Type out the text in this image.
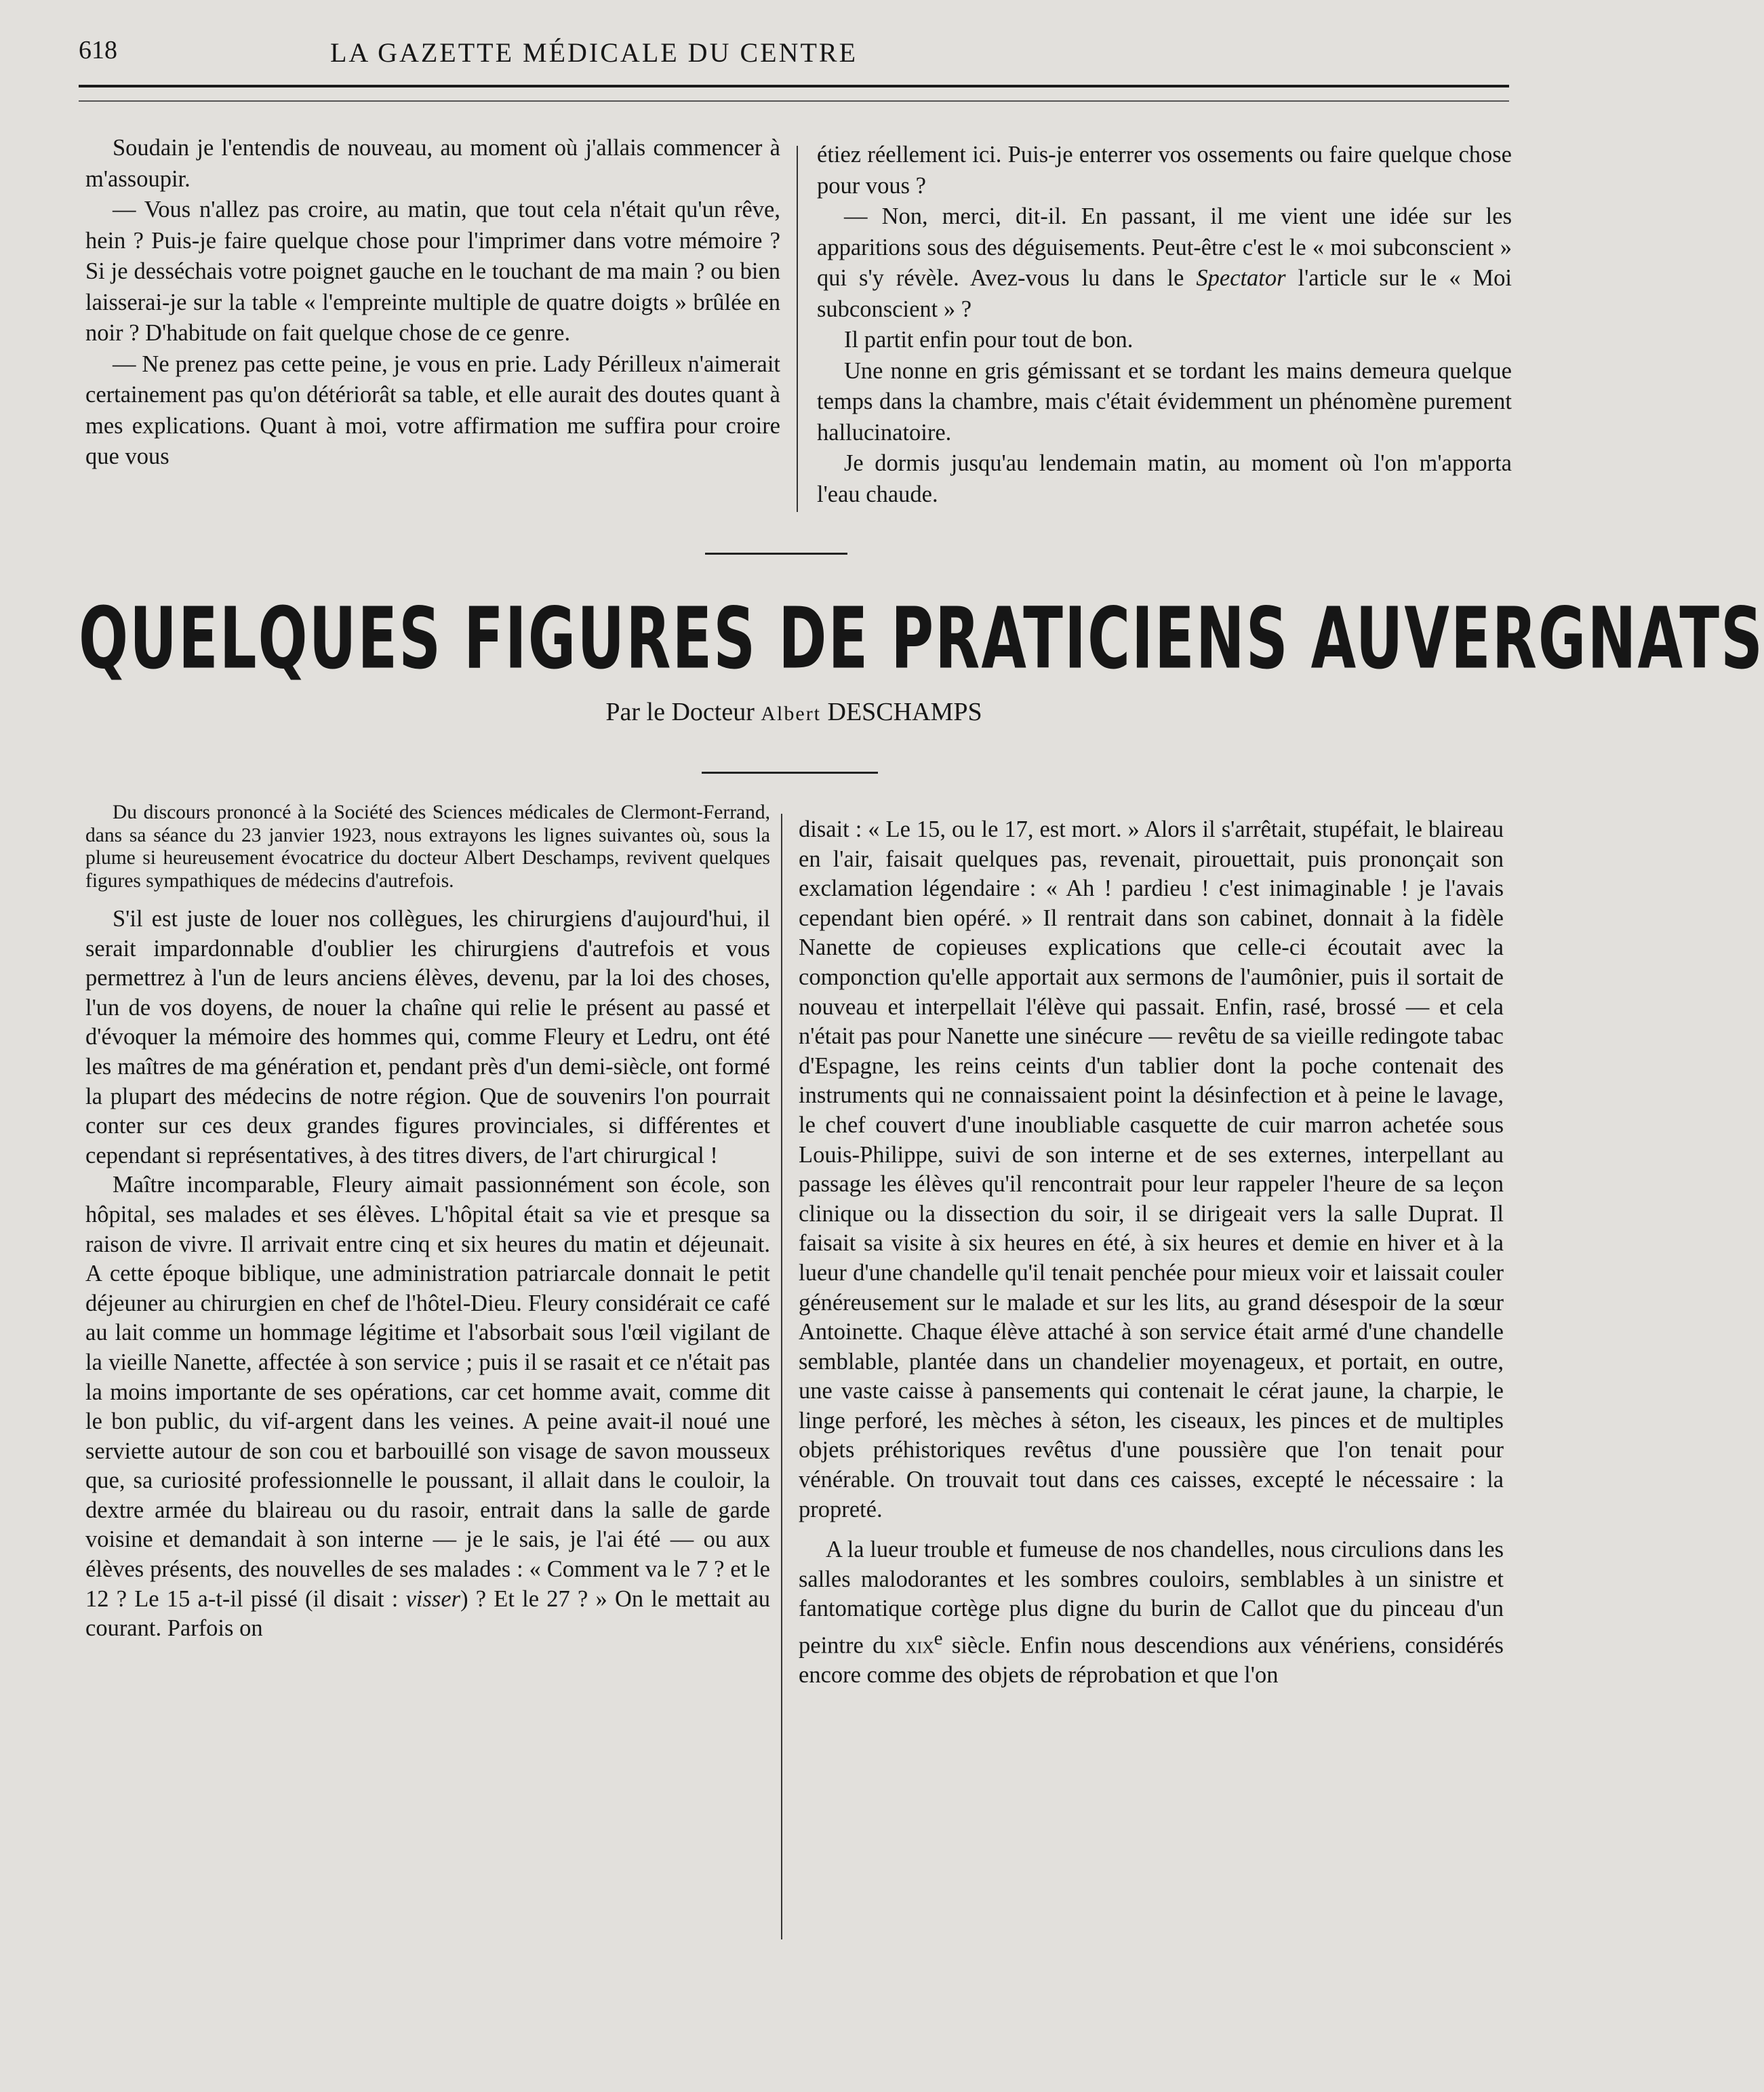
618	LA GAZETTE MÉDICALE DU CENTRE

Soudain je l'entendis de nouveau, au moment où j'allais commencer à m'assoupir.

— Vous n'allez pas croire, au matin, que tout cela n'était qu'un rêve, hein ? Puis-je faire quelque chose pour l'imprimer dans votre mémoire ? Si je desséchais votre poignet gauche en le touchant de ma main ? ou bien laisserai-je sur la table « l'empreinte multiple de quatre doigts » brûlée en noir ? D'habitude on fait quelque chose de ce genre.

— Ne prenez pas cette peine, je vous en prie. Lady Périlleux n'aimerait certainement pas qu'on détériorât sa table, et elle aurait des doutes quant à mes explications. Quant à moi, votre affirmation me suffira pour croire que vous

étiez réellement ici. Puis-je enterrer vos ossements ou faire quelque chose pour vous ?

— Non, merci, dit-il. En passant, il me vient une idée sur les apparitions sous des déguisements. Peut-être c'est le « moi subconscient » qui s'y révèle. Avez-vous lu dans le Spectator l'article sur le « Moi subconscient » ?

Il partit enfin pour tout de bon.

Une nonne en gris gémissant et se tordant les mains demeura quelque temps dans la chambre, mais c'était évidemment un phénomène purement hallucinatoire.

Je dormis jusqu'au lendemain matin, au moment où l'on m'apporta l'eau chaude.

QUELQUES FIGURES DE PRATICIENS AUVERGNATS
Par le Docteur Albert DESCHAMPS

Du discours prononcé à la Société des Sciences médicales de Clermont-Ferrand, dans sa séance du 23 janvier 1923, nous extrayons les lignes suivantes où, sous la plume si heureusement évocatrice du docteur Albert Deschamps, revivent quelques figures sympathiques de médecins d'autrefois.

S'il est juste de louer nos collègues, les chirurgiens d'aujourd'hui, il serait impardonnable d'oublier les chirurgiens d'autrefois et vous permettrez à l'un de leurs anciens élèves, devenu, par la loi des choses, l'un de vos doyens, de nouer la chaîne qui relie le présent au passé et d'évoquer la mémoire des hommes qui, comme Fleury et Ledru, ont été les maîtres de ma génération et, pendant près d'un demi-siècle, ont formé la plupart des médecins de notre région. Que de souvenirs l'on pourrait conter sur ces deux grandes figures provinciales, si différentes et cependant si représentatives, à des titres divers, de l'art chirurgical !

Maître incomparable, Fleury aimait passionnément son école, son hôpital, ses malades et ses élèves. L'hôpital était sa vie et presque sa raison de vivre. Il arrivait entre cinq et six heures du matin et déjeunait. A cette époque biblique, une administration patriarcale donnait le petit déjeuner au chirurgien en chef de l'hôtel-Dieu. Fleury considérait ce café au lait comme un hommage légitime et l'absorbait sous l'œil vigilant de la vieille Nanette, affectée à son service ; puis il se rasait et ce n'était pas la moins importante de ses opérations, car cet homme avait, comme dit le bon public, du vif-argent dans les veines. A peine avait-il noué une serviette autour de son cou et barbouillé son visage de savon mousseux que, sa curiosité professionnelle le poussant, il allait dans le couloir, la dextre armée du blaireau ou du rasoir, entrait dans la salle de garde voisine et demandait à son interne — je le sais, je l'ai été — ou aux élèves présents, des nouvelles de ses malades : « Comment va le 7 ? et le 12 ? Le 15 a-t-il pissé (il disait : visser) ? Et le 27 ? » On le mettait au courant. Parfois on

disait : « Le 15, ou le 17, est mort. » Alors il s'arrêtait, stupéfait, le blaireau en l'air, faisait quelques pas, revenait, pirouettait, puis prononçait son exclamation légendaire : « Ah ! pardieu ! c'est inimaginable ! je l'avais cependant bien opéré. » Il rentrait dans son cabinet, donnait à la fidèle Nanette de copieuses explications que celle-ci écoutait avec la componction qu'elle apportait aux sermons de l'aumônier, puis il sortait de nouveau et interpellait l'élève qui passait. Enfin, rasé, brossé — et cela n'était pas pour Nanette une sinécure — revêtu de sa vieille redingote tabac d'Espagne, les reins ceints d'un tablier dont la poche contenait des instruments qui ne connaissaient point la désinfection et à peine le lavage, le chef couvert d'une inoubliable casquette de cuir marron achetée sous Louis-Philippe, suivi de son interne et de ses externes, interpellant au passage les élèves qu'il rencontrait pour leur rappeler l'heure de sa leçon clinique ou la dissection du soir, il se dirigeait vers la salle Duprat. Il faisait sa visite à six heures en été, à six heures et demie en hiver et à la lueur d'une chandelle qu'il tenait penchée pour mieux voir et laissait couler généreusement sur le malade et sur les lits, au grand désespoir de la sœur Antoinette. Chaque élève attaché à son service était armé d'une chandelle semblable, plantée dans un chandelier moyenageux, et portait, en outre, une vaste caisse à pansements qui contenait le cérat jaune, la charpie, le linge perforé, les mèches à séton, les ciseaux, les pinces et de multiples objets préhistoriques revêtus d'une poussière que l'on tenait pour vénérable. On trouvait tout dans ces caisses, excepté le nécessaire : la propreté.

A la lueur trouble et fumeuse de nos chandelles, nous circulions dans les salles malodorantes et les sombres couloirs, semblables à un sinistre et fantomatique cortège plus digne du burin de Callot que du pinceau d'un peintre du xix$^e$ siècle. Enfin nous descendions aux vénériens, considérés encore comme des objets de réprobation et que l'on
